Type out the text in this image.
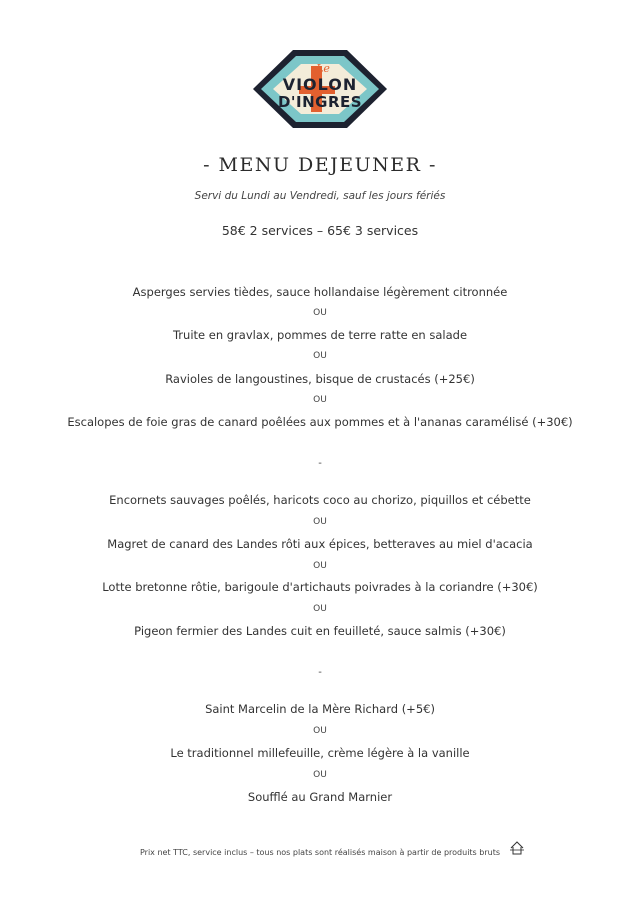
Le
VIOLON
D'INGRES
- MENU DEJEUNER -
Servi du Lundi au Vendredi, sauf les jours fériés
58€ 2 services – 65€ 3 services
Asperges servies tièdes, sauce hollandaise légèrement citronnée
OU
Truite en gravlax, pommes de terre ratte en salade
OU
Ravioles de langoustines, bisque de crustacés (+25€)
OU
Escalopes de foie gras de canard poêlées aux pommes et à l'ananas caramélisé (+30€)
-
Encornets sauvages poêlés, haricots coco au chorizo, piquillos et cébette
OU
Magret de canard des Landes rôti aux épices, betteraves au miel d'acacia
OU
Lotte bretonne rôtie, barigoule d'artichauts poivrades à la coriandre (+30€)
OU
Pigeon fermier des Landes cuit en feuilleté, sauce salmis (+30€)
-
Saint Marcelin de la Mère Richard (+5€)
OU
Le traditionnel millefeuille, crème légère à la vanille
OU
Soufflé au Grand Marnier
Prix net TTC, service inclus – tous nos plats sont réalisés maison à partir de produits bruts
